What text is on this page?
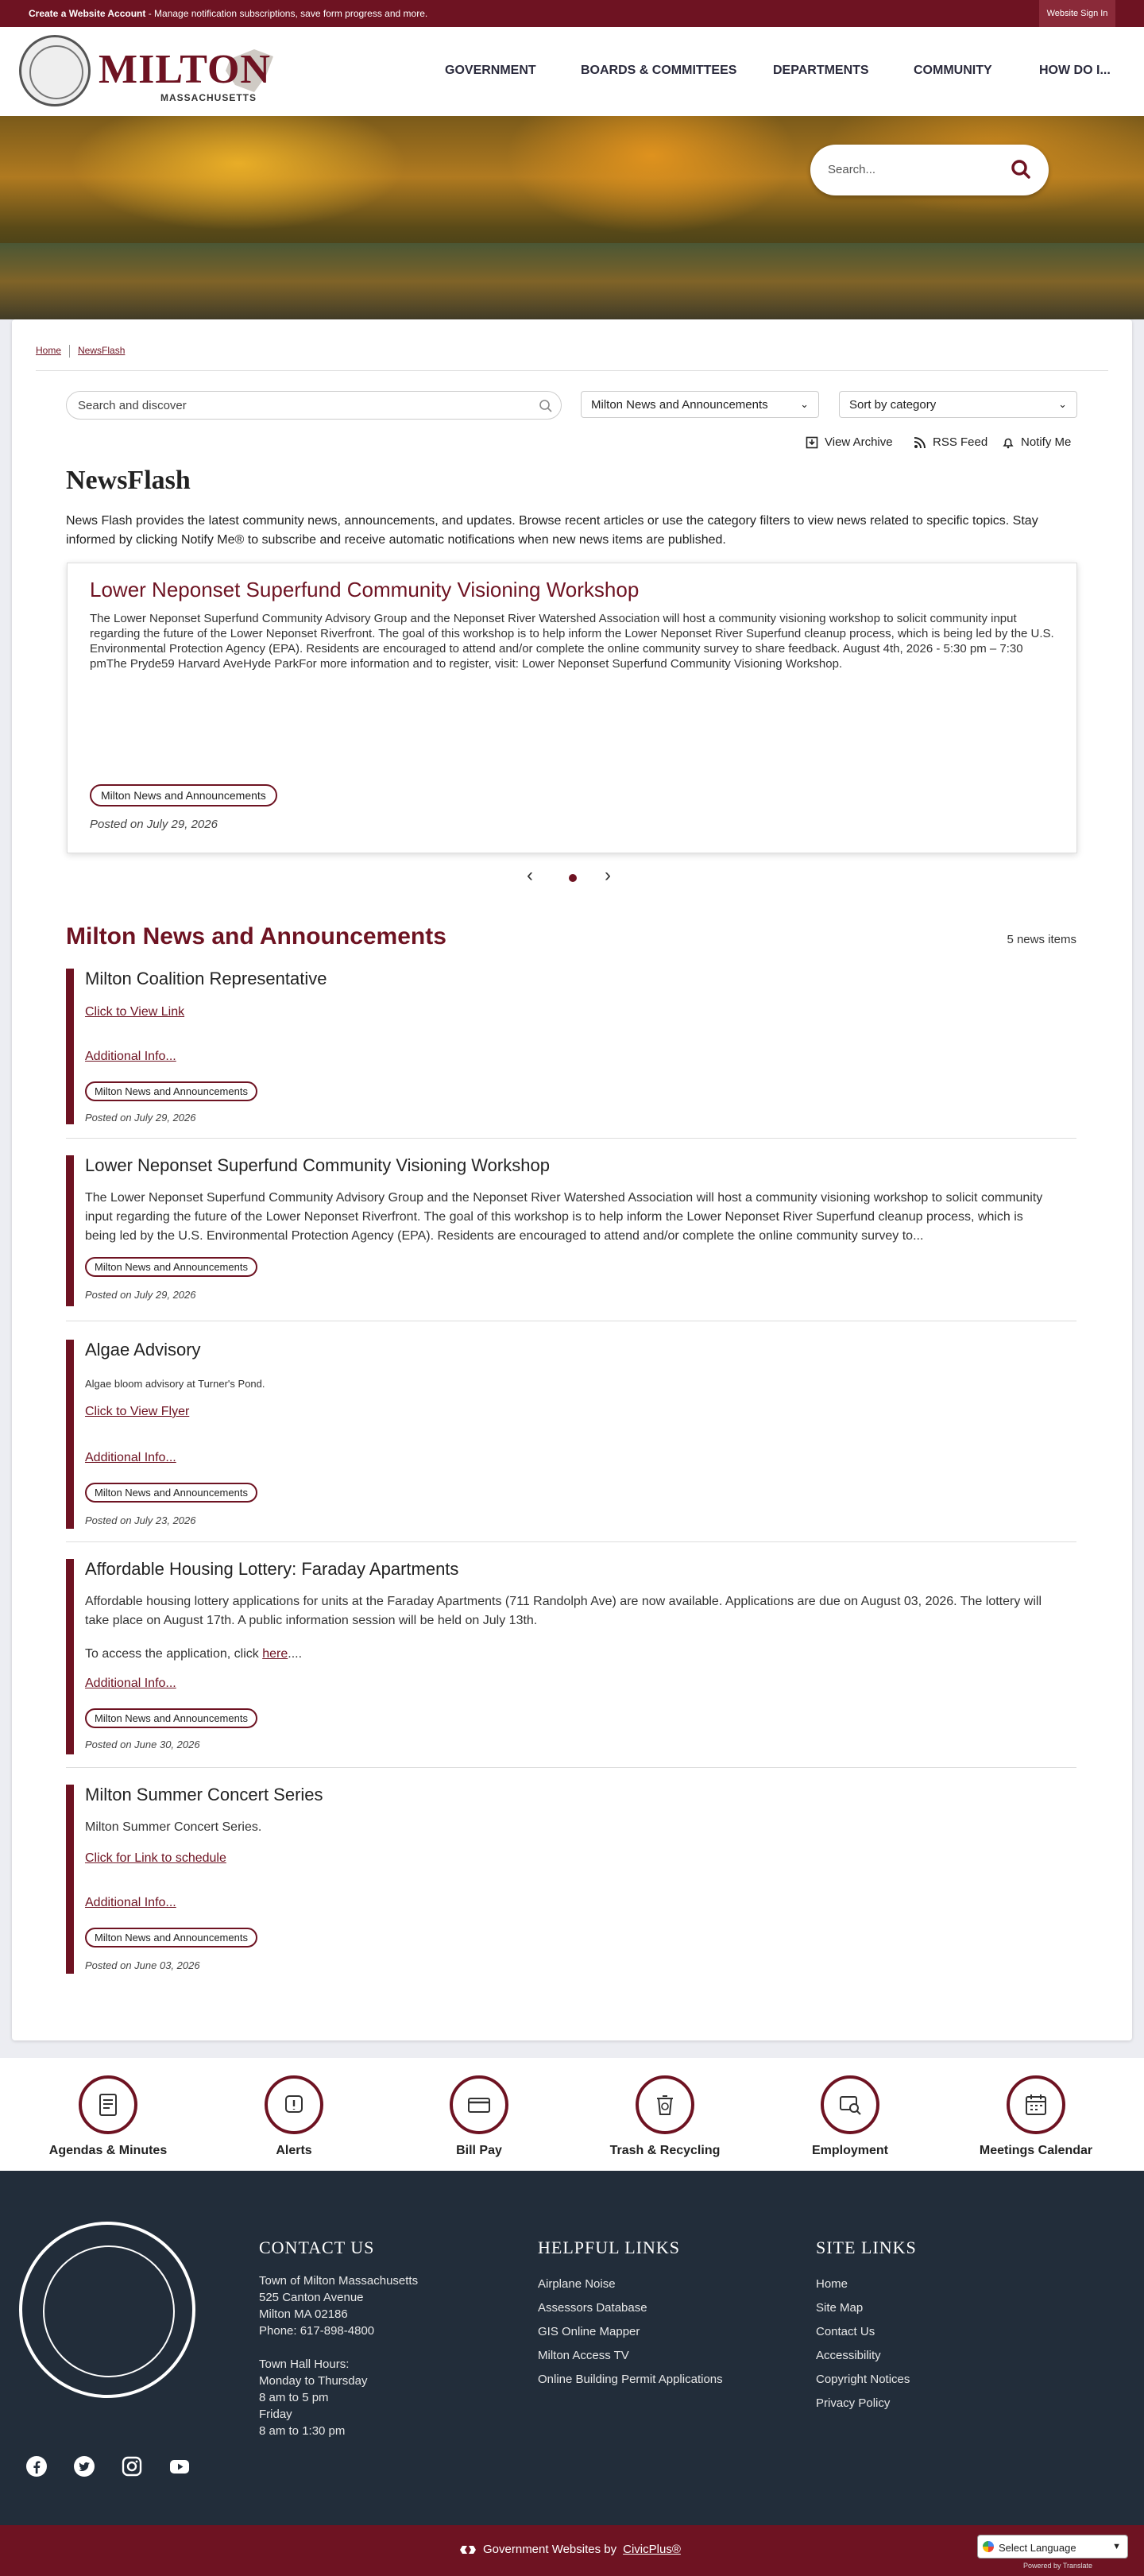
Create a Website Account - Manage notification subscriptions, save form progress and more.	Website Sign In
MILTON
MASSACHUSETTS
GOVERNMENT	BOARDS & COMMITTEES	DEPARTMENTS	COMMUNITY	HOW DO I...
Search...
Home NewsFlash
Search and discover	Milton News and Announcements	⌄	Sort by category	⌄
View Archive	RSS Feed	Notify Me
NewsFlash

News Flash provides the latest community news, announcements, and updates. Browse recent articles or use the category filters to view news related to specific topics. Stay informed by clicking Notify Me® to subscribe and receive automatic notifications when new news items are published.

Lower Neponset Superfund Community Visioning Workshop
The Lower Neponset Superfund Community Advisory Group and the Neponset River Watershed Association will host a community visioning workshop to solicit community input regarding the future of the Lower Neponset Riverfront. The goal of this workshop is to help inform the Lower Neponset River Superfund cleanup process, which is being led by the U.S. Environmental Protection Agency (EPA). Residents are encouraged to attend and/or complete the online community survey to share feedback. August 4th, 2026 - 5:30 pm – 7:30 pmThe Pryde59 Harvard AveHyde ParkFor more information and to register, visit: Lower Neponset Superfund Community Visioning Workshop.
Milton News and Announcements
Posted on July 29, 2026
‹	›
Milton News and Announcements	5 news items
Milton Coalition Representative
Click to View Link
Additional Info...
Milton News and Announcements
Posted on July 29, 2026
Lower Neponset Superfund Community Visioning Workshop
The Lower Neponset Superfund Community Advisory Group and the Neponset River Watershed Association will host a community visioning workshop to solicit community input regarding the future of the Lower Neponset Riverfront. The goal of this workshop is to help inform the Lower Neponset River Superfund cleanup process, which is being led by the U.S. Environmental Protection Agency (EPA). Residents are encouraged to attend and/or complete the online community survey to...
Milton News and Announcements
Posted on July 29, 2026
Algae Advisory
Algae bloom advisory at Turner's Pond.
Click to View Flyer
Additional Info...
Milton News and Announcements
Posted on July 23, 2026
Affordable Housing Lottery: Faraday Apartments
Affordable housing lottery applications for units at the Faraday Apartments (711 Randolph Ave) are now available. Applications are due on August 03, 2026. The lottery will take place on August 17th. A public information session will be held on July 13th.
To access the application, click here....
Additional Info...
Milton News and Announcements
Posted on June 30, 2026
Milton Summer Concert Series
Milton Summer Concert Series.
Click for Link to schedule
Additional Info...
Milton News and Announcements
Posted on June 03, 2026
Agendas & Minutes	Alerts	Bill Pay	Trash & Recycling	Employment	Meetings Calendar
CONTACT US
Town of Milton Massachusetts
525 Canton Avenue
Milton MA 02186
Phone: 617-898-4800
Town Hall Hours:
Monday to Thursday
8 am to 5 pm
Friday
8 am to 1:30 pm
HELPFUL LINKS
Airplane Noise
Assessors Database
GIS Online Mapper
Milton Access TV
Online Building Permit Applications
SITE LINKS
Home
Site Map
Contact Us
Accessibility
Copyright Notices
Privacy Policy
Government Websites by CivicPlus®	Select Language	▼
Powered by Translate
